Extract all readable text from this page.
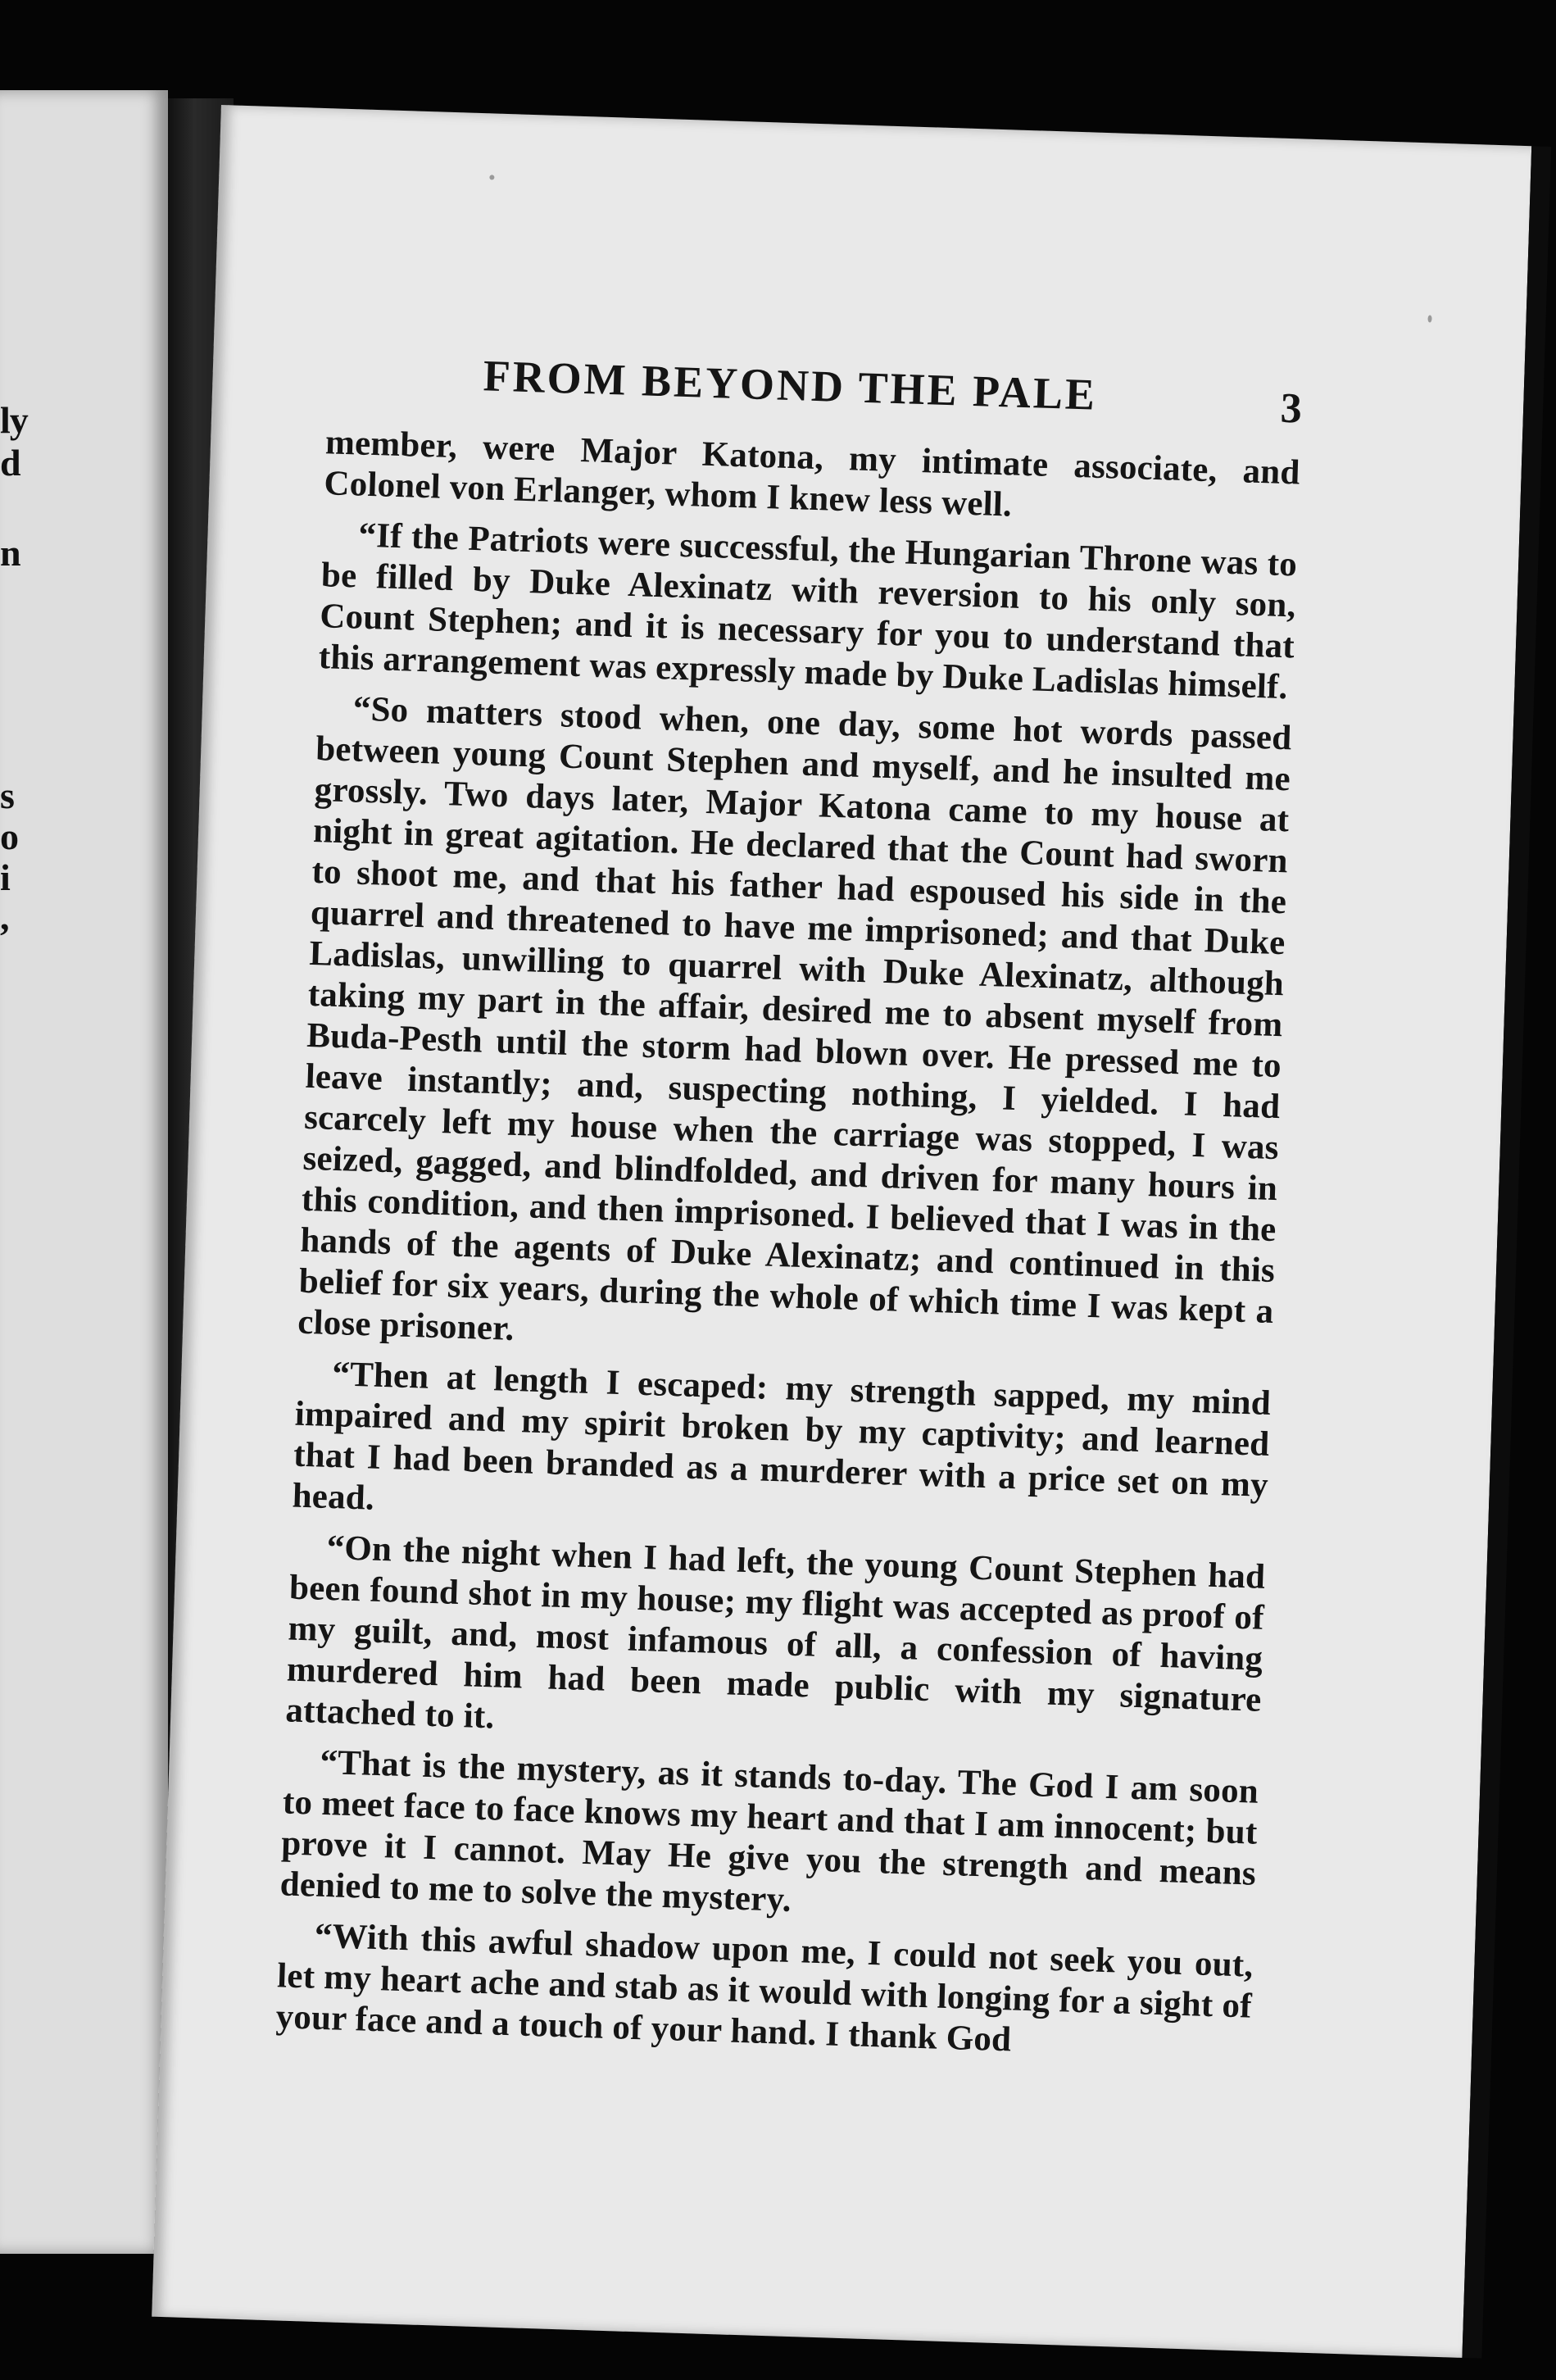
ly
d
n
s
o
i
,
FROM BEYOND THE PALE	3

member, were Major Katona, my intimate associate, and Colonel von Erlanger, whom I knew less well.

“If the Patriots were successful, the Hungarian Throne was to be filled by Duke Alexinatz with reversion to his only son, Count Stephen; and it is necessary for you to understand that this arrangement was expressly made by Duke Ladislas himself.

“So matters stood when, one day, some hot words passed between young Count Stephen and myself, and he insulted me grossly. Two days later, Major Katona came to my house at night in great agitation. He declared that the Count had sworn to shoot me, and that his father had espoused his side in the quarrel and threatened to have me imprisoned; and that Duke Ladislas, unwilling to quarrel with Duke Alexinatz, although taking my part in the affair, desired me to absent myself from Buda-Pesth until the storm had blown over. He pressed me to leave instantly; and, suspecting nothing, I yielded. I had scarcely left my house when the carriage was stopped, I was seized, gagged, and blindfolded, and driven for many hours in this condition, and then imprisoned. I believed that I was in the hands of the agents of Duke Alexinatz; and continued in this belief for six years, during the whole of which time I was kept a close prisoner.

“Then at length I escaped: my strength sapped, my mind impaired and my spirit broken by my captivity; and learned that I had been branded as a murderer with a price set on my head.

“On the night when I had left, the young Count Stephen had been found shot in my house; my flight was accepted as proof of my guilt, and, most infamous of all, a confession of having murdered him had been made public with my signature attached to it.

“That is the mystery, as it stands to-day. The God I am soon to meet face to face knows my heart and that I am innocent; but prove it I cannot. May He give you the strength and means denied to me to solve the mystery.

“With this awful shadow upon me, I could not seek you out, let my heart ache and stab as it would with longing for a sight of your face and a touch of your hand. I thank God
